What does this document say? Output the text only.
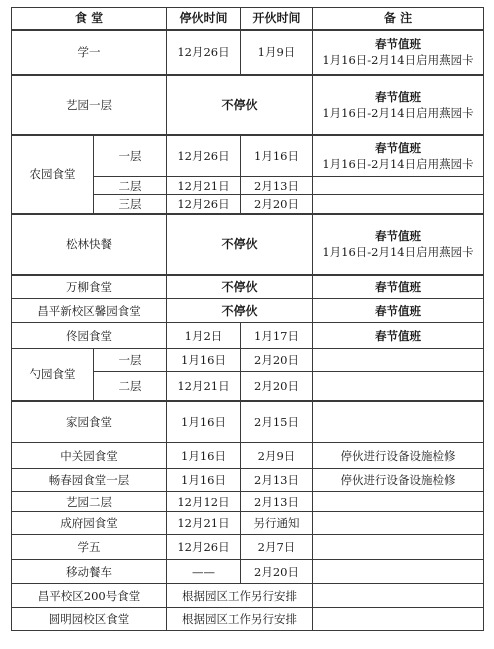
食 堂		停伙时间	开伙时间	备 注
学一		12月26日	1月9日	春节值班
1月16日-2月14日启用燕园卡

艺园一层		不停伙		春节值班
1月16日-2月14日启用燕园卡

农园食堂	一层	12月26日	1月16日	春节值班
1月16日-2月14日启用燕园卡

	二层	12月21日	2月13日	
	三层	12月26日	2月20日	
松林快餐		不停伙		春节值班
1月16日-2月14日启用燕园卡

万柳食堂		不停伙		春节值班
昌平新校区馨园食堂		不停伙		春节值班
佟园食堂		1月2日	1月17日	春节值班
勺园食堂	一层	1月16日	2月20日	
	二层	12月21日	2月20日	
家园食堂		1月16日	2月15日	
中关园食堂		1月16日	2月9日	停伙进行设备设施检修
畅春园食堂一层		1月16日	2月13日	停伙进行设备设施检修
艺园二层		12月12日	2月13日	
成府园食堂		12月21日	另行通知	
学五		12月26日	2月7日	
移动餐车		——	2月20日	
昌平校区200号食堂		根据园区工作另行安排		
圆明园校区食堂		根据园区工作另行安排		
